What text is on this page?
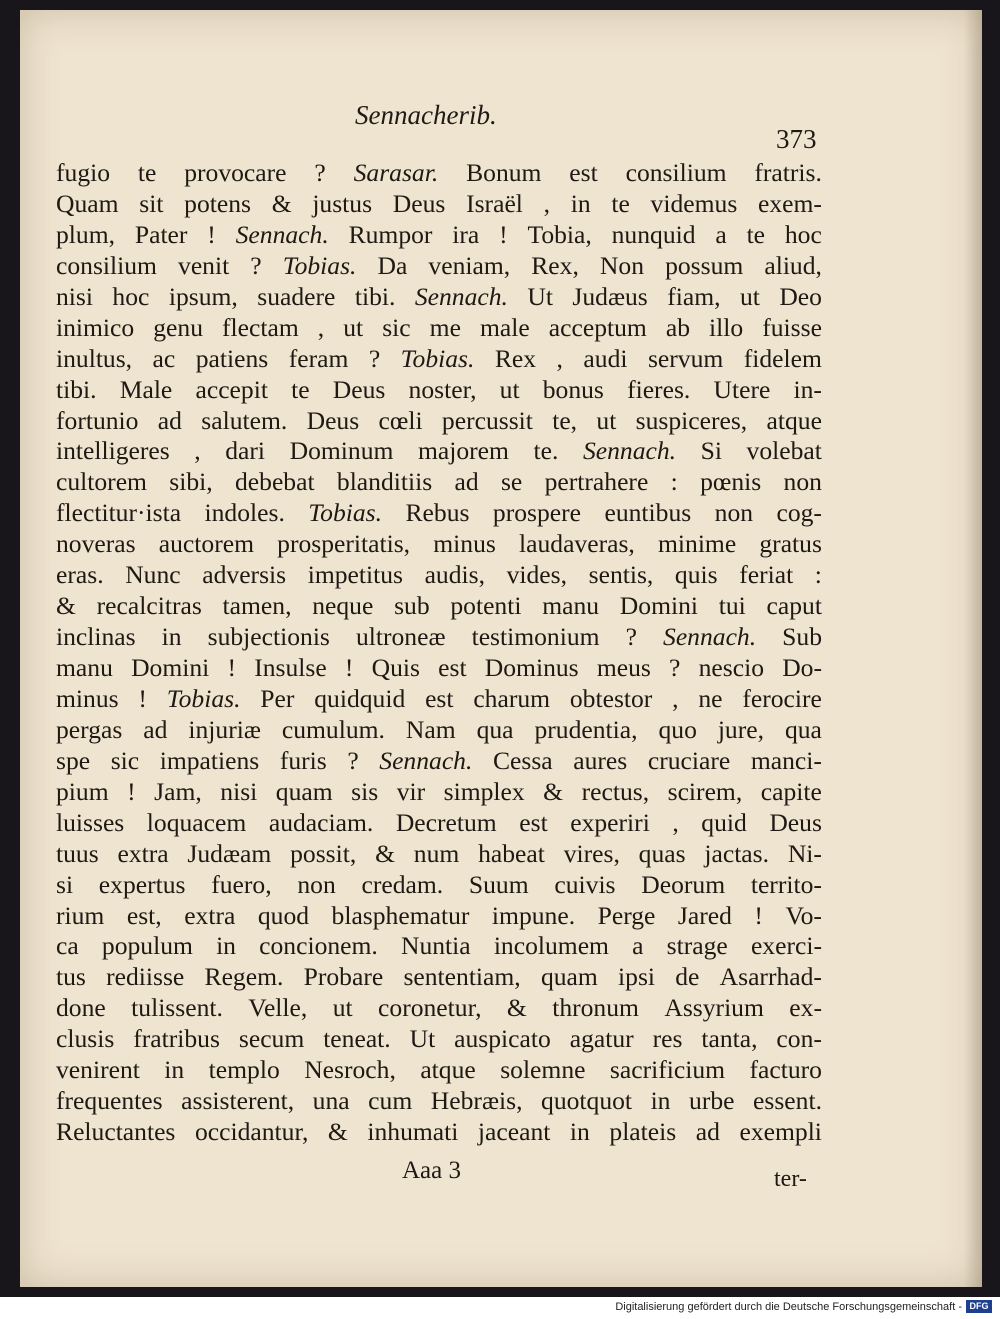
Sennacherib.
373
fugio te provocare ? Sarasar. Bonum est consilium fratris.
Quam sit potens & justus Deus Israël , in te videmus exem-
plum, Pater ! Sennach. Rumpor ira ! Tobia, nunquid a te hoc
consilium venit ? Tobias. Da veniam, Rex, Non possum aliud,
nisi hoc ipsum, suadere tibi. Sennach. Ut Judæus fiam, ut Deo
inimico genu flectam , ut sic me male acceptum ab illo fuisse
inultus, ac patiens feram ? Tobias. Rex , audi servum fidelem
tibi. Male accepit te Deus noster, ut bonus fieres. Utere in-
fortunio ad salutem. Deus cœli percussit te, ut suspiceres, atque
intelligeres , dari Dominum majorem te. Sennach. Si volebat
cultorem sibi, debebat blanditiis ad se pertrahere : pœnis non
flectitur·ista indoles. Tobias. Rebus prospere euntibus non cog-
noveras auctorem prosperitatis, minus laudaveras, minime gratus
eras. Nunc adversis impetitus audis, vides, sentis, quis feriat :
& recalcitras tamen, neque sub potenti manu Domini tui caput
inclinas in subjectionis ultroneæ testimonium ? Sennach. Sub
manu Domini ! Insulse ! Quis est Dominus meus ? nescio Do-
minus ! Tobias. Per quidquid est charum obtestor , ne ferocire
pergas ad injuriæ cumulum. Nam qua prudentia, quo jure, qua
spe sic impatiens furis ? Sennach. Cessa aures cruciare manci-
pium ! Jam, nisi quam sis vir simplex & rectus, scirem, capite
luisses loquacem audaciam. Decretum est experiri , quid Deus
tuus extra Judæam possit, & num habeat vires, quas jactas. Ni-
si expertus fuero, non credam. Suum cuivis Deorum territo-
rium est, extra quod blasphematur impune. Perge Jared ! Vo-
ca populum in concionem. Nuntia incolumem a strage exerci-
tus rediisse Regem. Probare sententiam, quam ipsi de Asarrhad-
done tulissent. Velle, ut coronetur, & thronum Assyrium ex-
clusis fratribus secum teneat. Ut auspicato agatur res tanta, con-
venirent in templo Nesroch, atque solemne sacrificium facturo
frequentes assisterent, una cum Hebræis, quotquot in urbe essent.
Reluctantes occidantur, & inhumati jaceant in plateis ad exempli
Aaa 3	ter-
Digitalisierung gefördert durch die Deutsche Forschungsgemeinschaft - DFG
